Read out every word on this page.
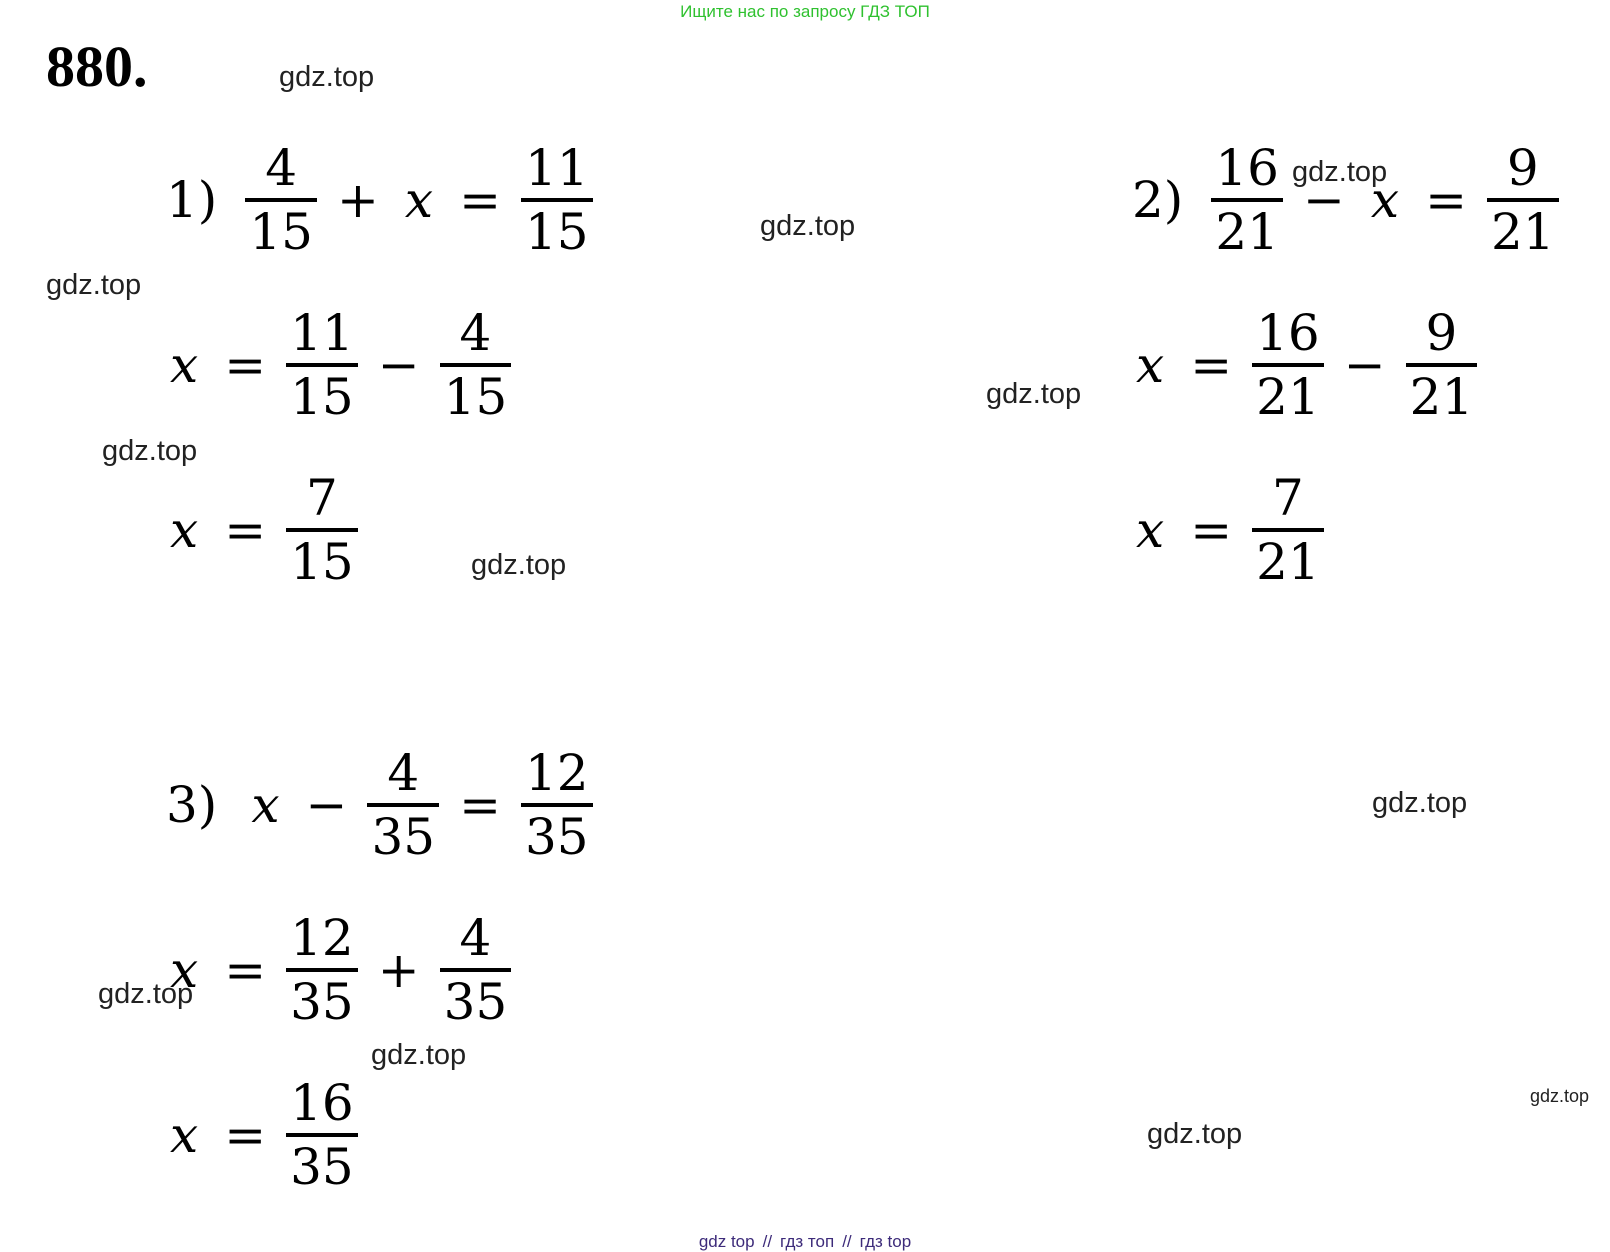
Ищите нас по запросу ГДЗ ТОП
880.	gdz.top
gdz.top
gdz.top
gdz.top
gdz.top
gdz.top
gdz.top
gdz.top
gdz.top
gdz.top
gdz.top
gdz.top
$1) \frac{4}{15} + x = \frac{11}{15}$
$x = \frac{11}{15} - \frac{4}{15}$
$x = \frac{7}{15}$
$2) \frac{16}{21} - x = \frac{9}{21}$
$x = \frac{16}{21} - \frac{9}{21}$
$x = \frac{7}{21}$
3) $x - \frac{4}{35} = \frac{12}{35}$
$x = \frac{12}{35} + \frac{4}{35}$
$x = \frac{16}{35}$
gdz top // гдз топ // гдз top
